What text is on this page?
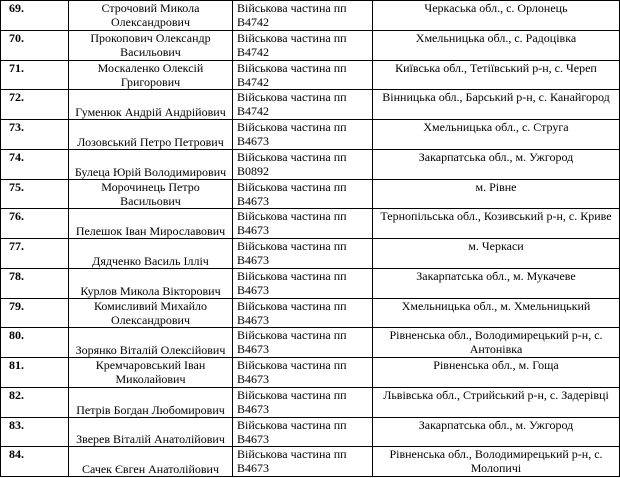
69.	Строчовий Микола Олександрович	Військова частина пп В4742	Черкаська обл., с. Орлонець
70.	Прокопович Олександр Васильович	Військова частина пп В4742	Хмельницька обл., с. Радоцівка
71.	Москаленко Олексій Григорович	Військова частина пп В4742	Київська обл., Тетіївський р-н, с. Череп
72.	Гуменюк Андрій Андрійович	Військова частина пп В4742	Вінницька обл., Барський р-н, с. Канайгород
73.	Лозовський Петро Петрович	Військова частина пп В4673	Хмельницька обл., с. Струга
74.	Булеца Юрій Володимирович	Військова частина пп В0892	Закарпатська обл., м. Ужгород
75.	Морочинець Петро Васильович	Військова частина пп В4673	м. Рівне
76.	Пелешок Іван Мирославович	Військова частина пп В4673	Тернопільська обл., Козивський р-н, с. Криве
77.	Дядченко Василь Ілліч	Військова частина пп В4673	м. Черкаси
78.	Курлов Микола Вікторович	Військова частина пп В4673	Закарпатська обл., м. Мукачеве
79.	Комисливий Михайло Олександрович	Військова частина пп В4673	Хмельницька обл., м. Хмельницький
80.	Зорянко Віталій Олексійович	Військова частина пп В4673	Рівненська обл., Володимирецький р-н, с. Антонівка
81.	Кремчаровський Іван Миколайович	Військова частина пп В4673	Рівненська обл., м. Гоща
82.	Петрів Богдан Любомирович	Військова частина пп В4673	Львівська обл., Стрийський р-н, с. Задерівці
83.	Зверев Віталій Анатолійович	Військова частина пп В4673	Закарпатська обл., м. Ужгород
84.	Сачек Євген Анатолійович	Військова частина пп В4673	Рівненська обл., Володимирецький р-н, с. Молопичі
